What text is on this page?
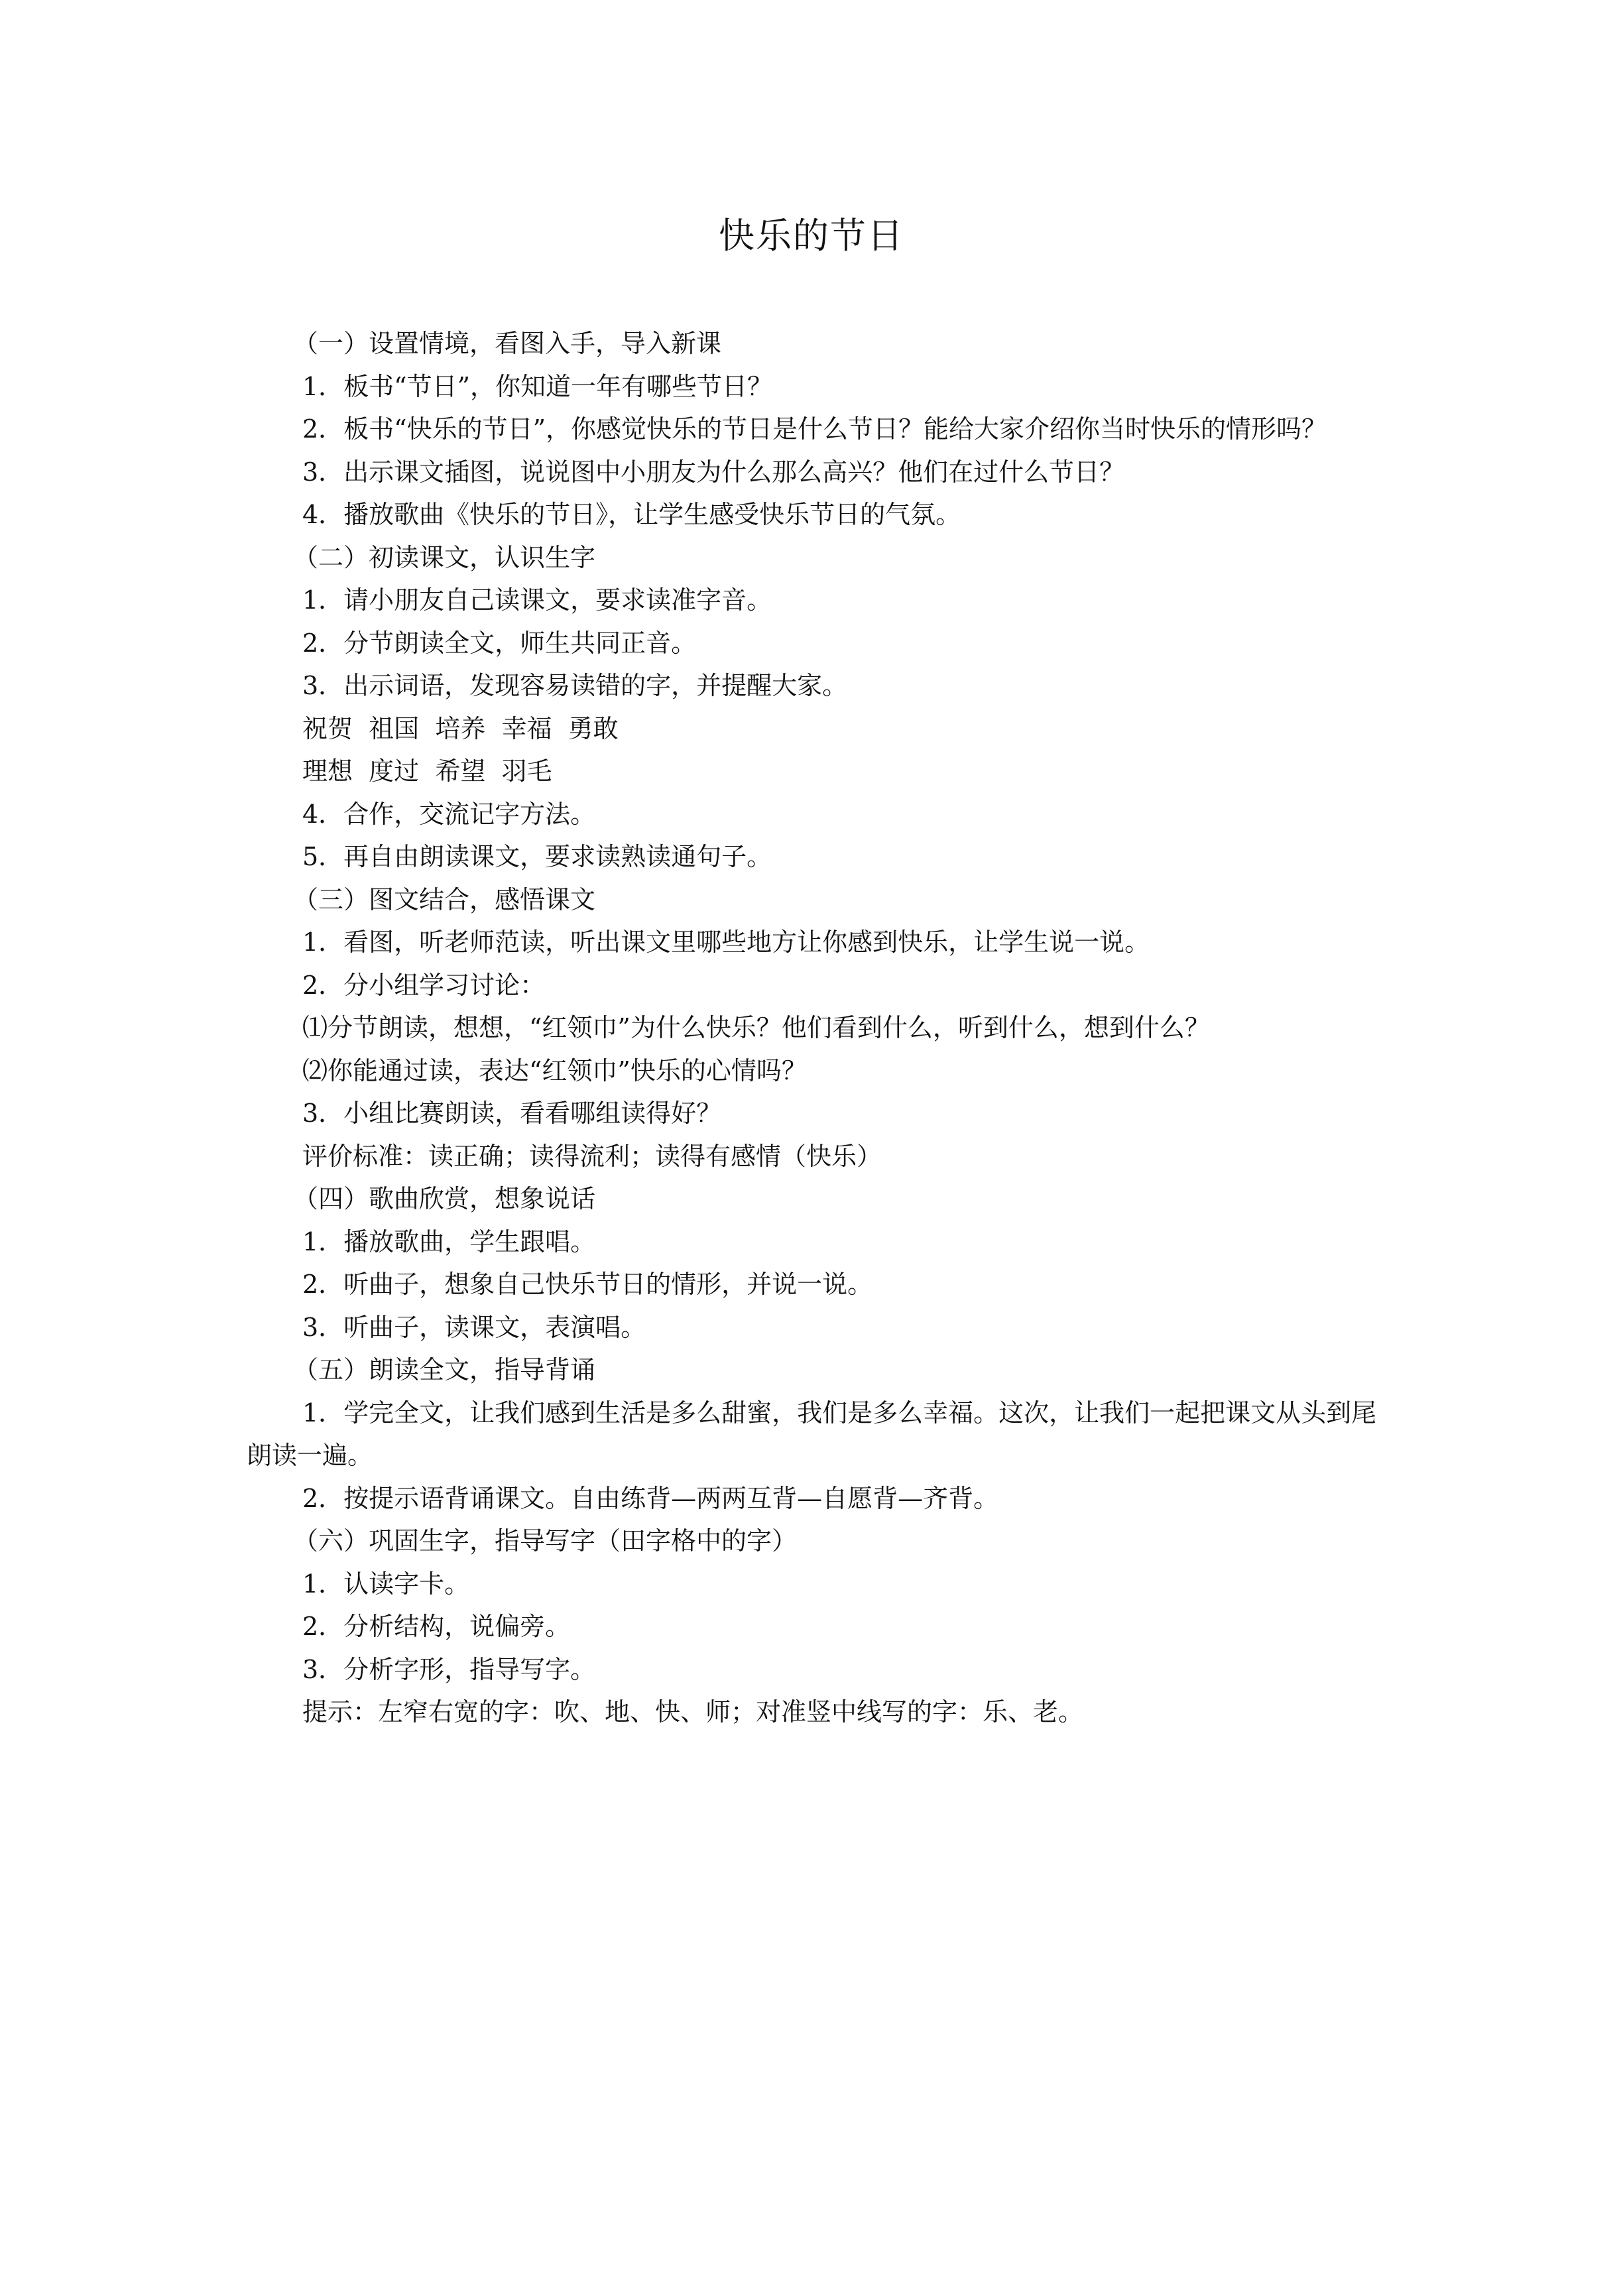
快乐的节日

（一）设置情境，看图入手，导入新课

1．板书“节日”，你知道一年有哪些节日？

2．板书“快乐的节日”，你感觉快乐的节日是什么节日？能给大家介绍你当时快乐的情形吗？

3．出示课文插图，说说图中小朋友为什么那么高兴？他们在过什么节日？

4．播放歌曲《快乐的节日》，让学生感受快乐节日的气氛。

（二）初读课文，认识生字

1．请小朋友自己读课文，要求读准字音。

2．分节朗读全文，师生共同正音。

3．出示词语，发现容易读错的字，并提醒大家。

祝贺  祖国  培养  幸福  勇敢

理想  度过  希望  羽毛

4．合作，交流记字方法。

5．再自由朗读课文，要求读熟读通句子。

（三）图文结合，感悟课文

1．看图，听老师范读，听出课文里哪些地方让你感到快乐，让学生说一说。

2．分小组学习讨论：

⑴分节朗读，想想，“红领巾”为什么快乐？他们看到什么，听到什么，想到什么？

⑵你能通过读，表达“红领巾”快乐的心情吗？

3．小组比赛朗读，看看哪组读得好？

评价标准：读正确；读得流利；读得有感情（快乐）

（四）歌曲欣赏，想象说话

1．播放歌曲，学生跟唱。

2．听曲子，想象自己快乐节日的情形，并说一说。

3．听曲子，读课文，表演唱。

（五）朗读全文，指导背诵

1．学完全文，让我们感到生活是多么甜蜜，我们是多么幸福。这次，让我们一起把课文从头到尾朗读一遍。

2．按提示语背诵课文。自由练背—两两互背—自愿背—齐背。

（六）巩固生字，指导写字（田字格中的字）

1．认读字卡。

2．分析结构，说偏旁。

3．分析字形，指导写字。

提示：左窄右宽的字：吹、地、快、师；对准竖中线写的字：乐、老。
